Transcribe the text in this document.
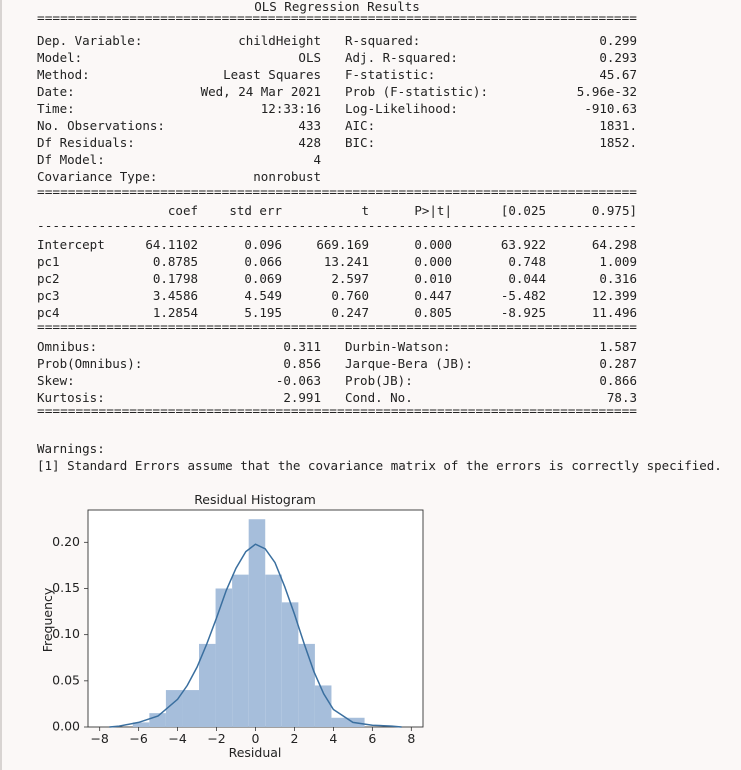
OLS Regression Results
==============================================================================
==============================================================================
------------------------------------------------------------------------------
==============================================================================
==============================================================================
Dep. Variable:	childHeight
Model:	OLS
Method:	Least Squares
Date:	Wed, 24 Mar 2021
Time:	12:33:16
No. Observations:	433
Df Residuals:	428
Df Model:	4
Covariance Type:	nonrobust
R-squared:	0.299
Adj. R-squared:	0.293
F-statistic:	45.67
Prob (F-statistic):	5.96e-32
Log-Likelihood:	-910.63
AIC:	1831.
BIC:	1852.
coef	std err	t	P>|t|	[0.025	0.975]
Intercept	64.1102	0.096	669.169	0.000	63.922	64.298
pc1	0.8785	0.066	13.241	0.000	0.748	1.009
pc2	0.1798	0.069	2.597	0.010	0.044	0.316
pc3	3.4586	4.549	0.760	0.447	-5.482	12.399
pc4	1.2854	5.195	0.247	0.805	-8.925	11.496
Omnibus:	0.311
Prob(Omnibus):	0.856
Skew:	-0.063
Kurtosis:	2.991
Durbin-Watson:	1.587
Jarque-Bera (JB):	0.287
Prob(JB):	0.866
Cond. No.	78.3
Warnings:
[1] Standard Errors assume that the covariance matrix of the errors is correctly specified.
Residual Histogram
−8 −6 −4 −2 0 2 4 6 8
0.00
0.05
0.10
0.15
0.20
Residual
Frequency
